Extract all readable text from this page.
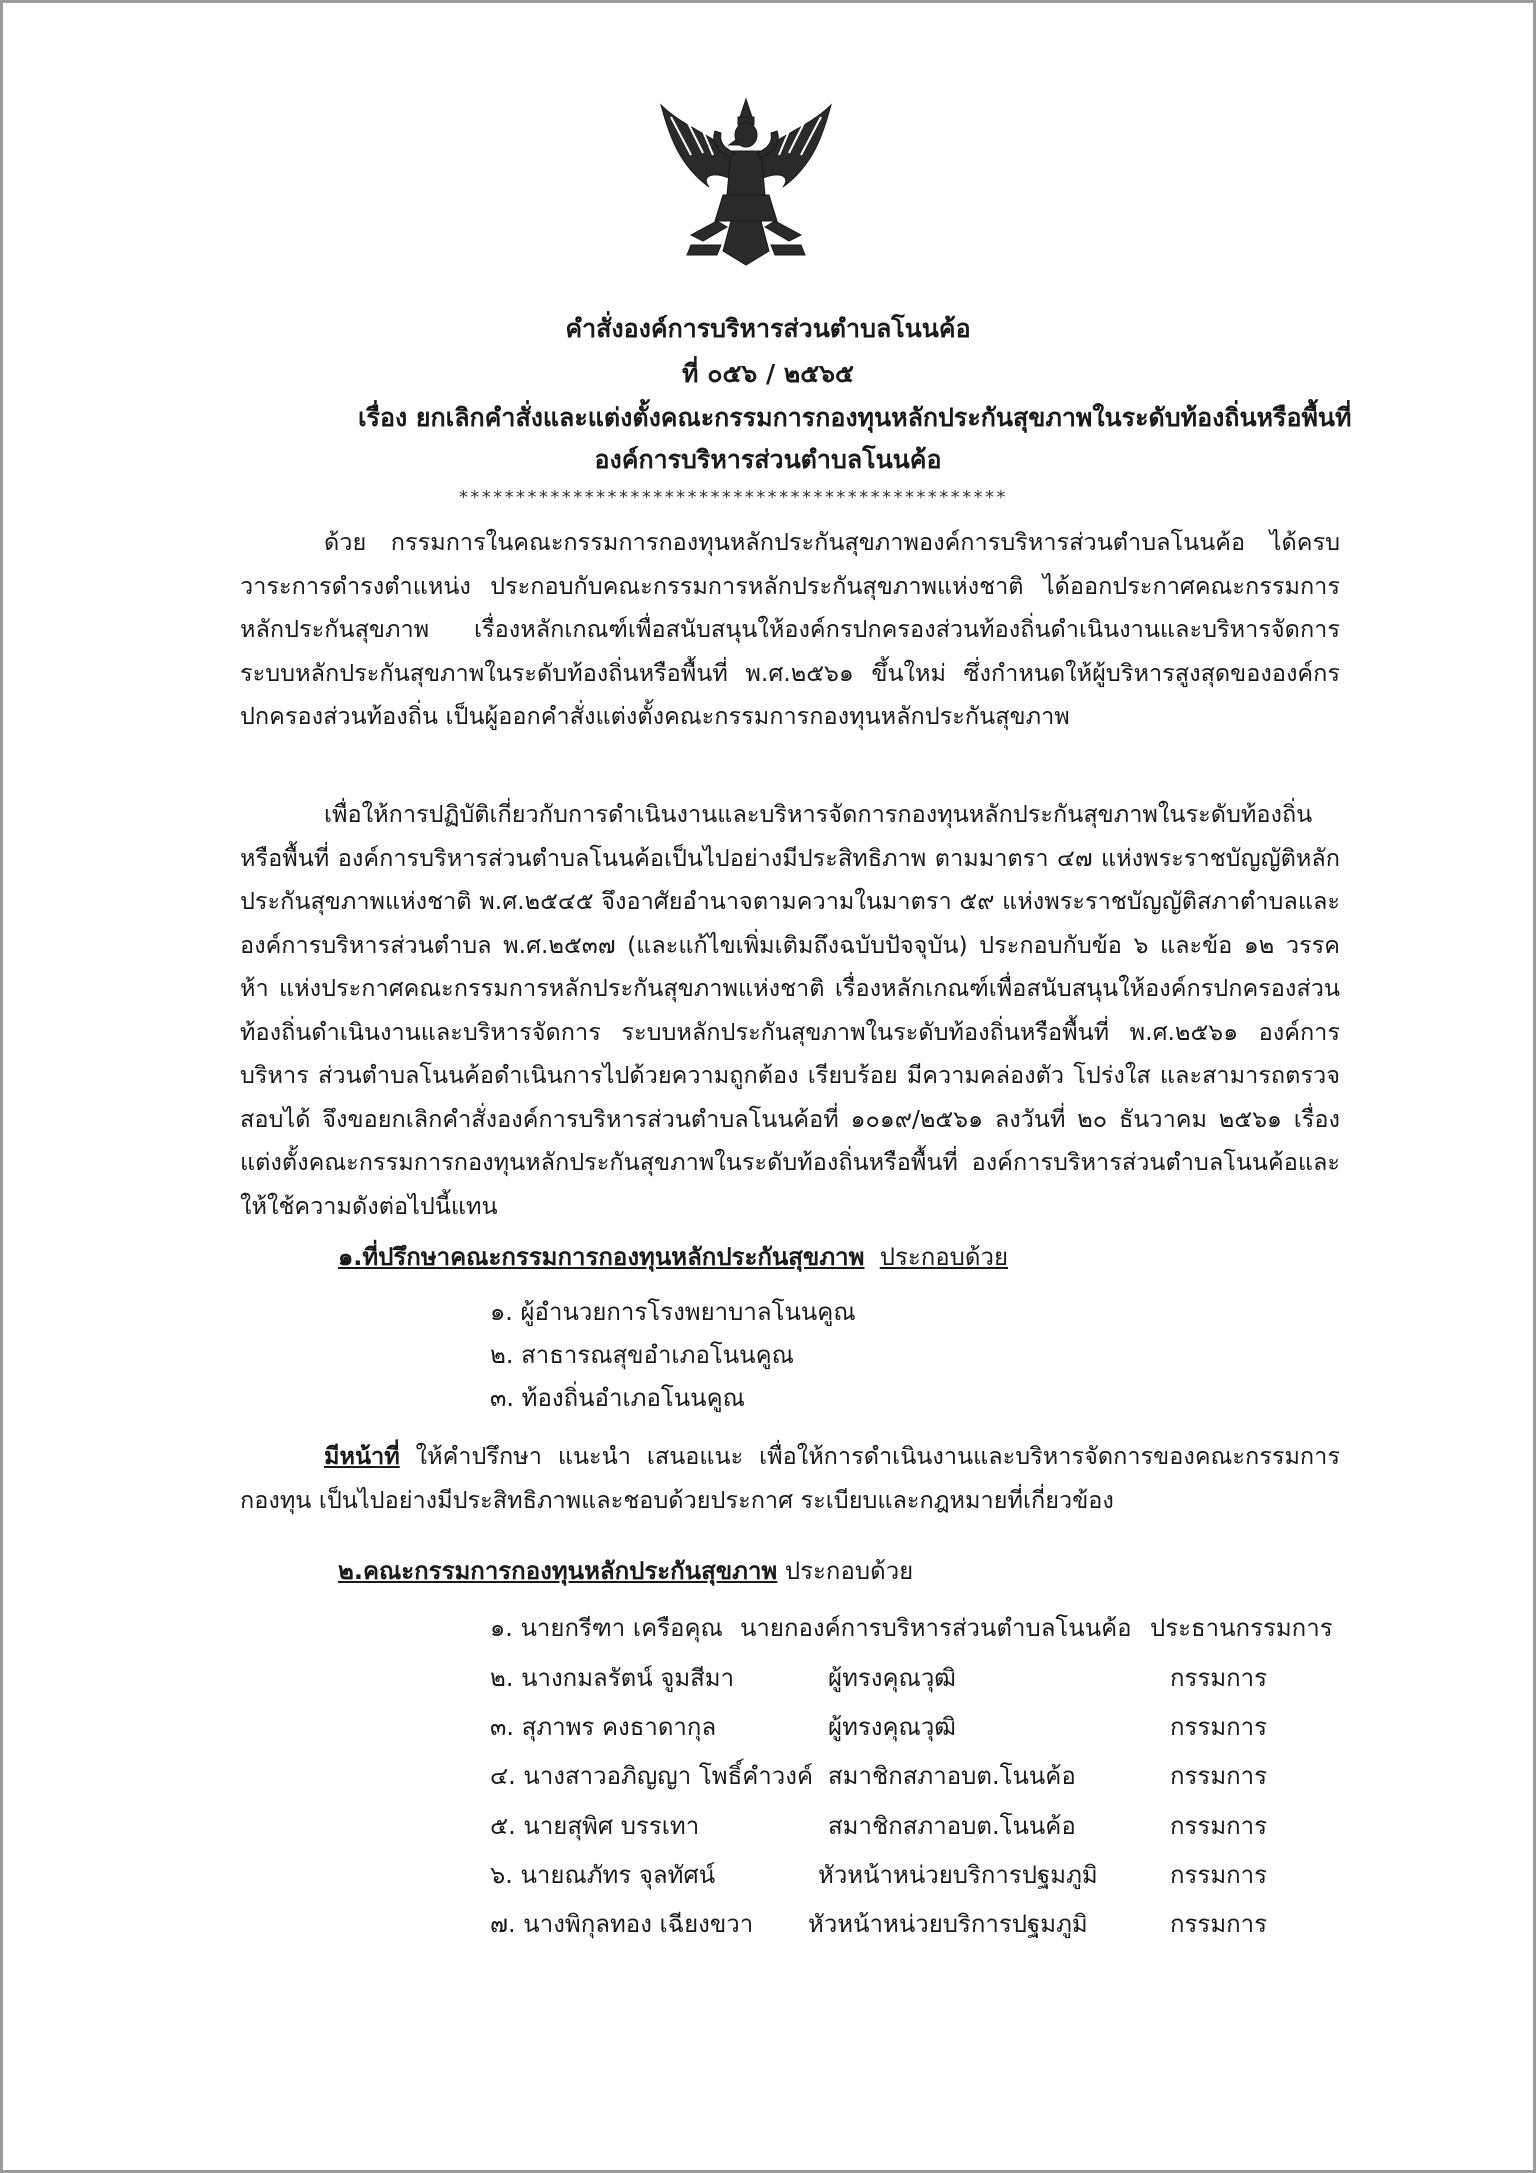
คำสั่งองค์การบริหารส่วนตำบลโนนค้อ
ที่ ๐๕๖ / ๒๕๖๕
เรื่อง ยกเลิกคำสั่งและแต่งตั้งคณะกรรมการกองทุนหลักประกันสุขภาพในระดับท้องถิ่นหรือพื้นที่
องค์การบริหารส่วนตำบลโนนค้อ
************************************************

ด้วย กรรมการในคณะกรรมการกองทุนหลักประกันสุขภาพองค์การบริหารส่วนตำบลโนนค้อ ได้ครบวาระการดำรงตำแหน่ง ประกอบกับคณะกรรมการหลักประกันสุขภาพแห่งชาติ ได้ออกประกาศคณะกรรมการหลักประกันสุขภาพ เรื่องหลักเกณฑ์เพื่อสนับสนุนให้องค์กรปกครองส่วนท้องถิ่นดำเนินงานและบริหารจัดการระบบหลักประกันสุขภาพในระดับท้องถิ่นหรือพื้นที่ พ.ศ.๒๕๖๑ ขึ้นใหม่ ซึ่งกำหนดให้ผู้บริหารสูงสุดขององค์กรปกครองส่วนท้องถิ่น เป็นผู้ออกคำสั่งแต่งตั้งคณะกรรมการกองทุนหลักประกันสุขภาพ

เพื่อให้การปฏิบัติเกี่ยวกับการดำเนินงานและบริหารจัดการกองทุนหลักประกันสุขภาพในระดับท้องถิ่นหรือพื้นที่ องค์การบริหารส่วนตำบลโนนค้อเป็นไปอย่างมีประสิทธิภาพ ตามมาตรา ๔๗ แห่งพระราชบัญญัติหลักประกันสุขภาพแห่งชาติ พ.ศ.๒๕๔๕ จึงอาศัยอำนาจตามความในมาตรา ๕๙ แห่งพระราชบัญญัติสภาตำบลและองค์การบริหารส่วนตำบล พ.ศ.๒๕๓๗ (และแก้ไขเพิ่มเติมถึงฉบับปัจจุบัน) ประกอบกับข้อ ๖ และข้อ ๑๒ วรรคห้า แห่งประกาศคณะกรรมการหลักประกันสุขภาพแห่งชาติ เรื่องหลักเกณฑ์เพื่อสนับสนุนให้องค์กรปกครองส่วนท้องถิ่นดำเนินงานและบริหารจัดการ ระบบหลักประกันสุขภาพในระดับท้องถิ่นหรือพื้นที่ พ.ศ.๒๕๖๑ องค์การบริหาร ส่วนตำบลโนนค้อดำเนินการไปด้วยความถูกต้อง เรียบร้อย มีความคล่องตัว โปร่งใส และสามารถตรวจสอบได้ จึงขอยกเลิกคำสั่งองค์การบริหารส่วนตำบลโนนค้อที่ ๑๐๑๙/๒๕๖๑ ลงวันที่ ๒๐ ธันวาคม ๒๕๖๑ เรื่องแต่งตั้งคณะกรรมการกองทุนหลักประกันสุขภาพในระดับท้องถิ่นหรือพื้นที่ องค์การบริหารส่วนตำบลโนนค้อและให้ใช้ความดังต่อไปนี้แทน

๑.ที่ปรึกษาคณะกรรมการกองทุนหลักประกันสุขภาพ ประกอบด้วย
๑. ผู้อำนวยการโรงพยาบาลโนนคูณ
๒. สาธารณสุขอำเภอโนนคูณ
๓. ท้องถิ่นอำเภอโนนคูณ

มีหน้าที่ ให้คำปรึกษา แนะนำ เสนอแนะ เพื่อให้การดำเนินงานและบริหารจัดการของคณะกรรมการกองทุน เป็นไปอย่างมีประสิทธิภาพและชอบด้วยประกาศ ระเบียบและกฎหมายที่เกี่ยวข้อง

๒.คณะกรรมการกองทุนหลักประกันสุขภาพ ประกอบด้วย
๑. นายกรีฑา เครือคุณ นายกองค์การบริหารส่วนตำบลโนนค้อ ประธานกรรมการ
๒. นางกมลรัตน์ จูมสีมา	ผู้ทรงคุณวุฒิ	กรรมการ
๓. สุภาพร คงธาดากุล	ผู้ทรงคุณวุฒิ	กรรมการ
๔. นางสาวอภิญญา โพธิ์คำวงค์ สมาชิกสภาอบต.โนนค้อ	กรรมการ
๕. นายสุพิศ บรรเทา	สมาชิกสภาอบต.โนนค้อ	กรรมการ
๖. นายณภัทร จุลทัศน์	หัวหน้าหน่วยบริการปฐมภูมิ	กรรมการ
๗. นางพิกุลทอง เฉียงขวา หัวหน้าหน่วยบริการปฐมภูมิ	กรรมการ
